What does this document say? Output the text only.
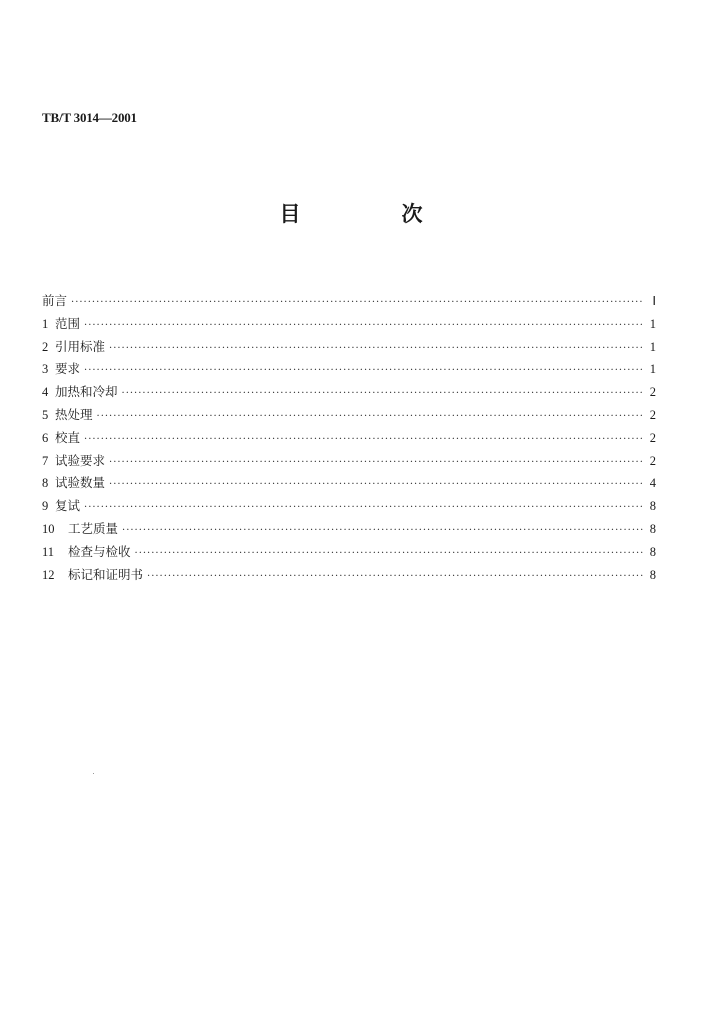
TB/T 3014—2001
目　次
前言 ·····	Ⅰ
1 范围 ·····	1
2 引用标准 ·····	1
3 要求 ·····	1
4 加热和冷却 ·····	2
5 热处理 ·····	2
6 校直 ·····	2
7 试验要求 ·····	2
8 试验数量 ·····	4
9 复试 ·····	8
10	工艺质量 ·····	8
11	检查与检收 ·····	8
12	标记和证明书 ·····	8
